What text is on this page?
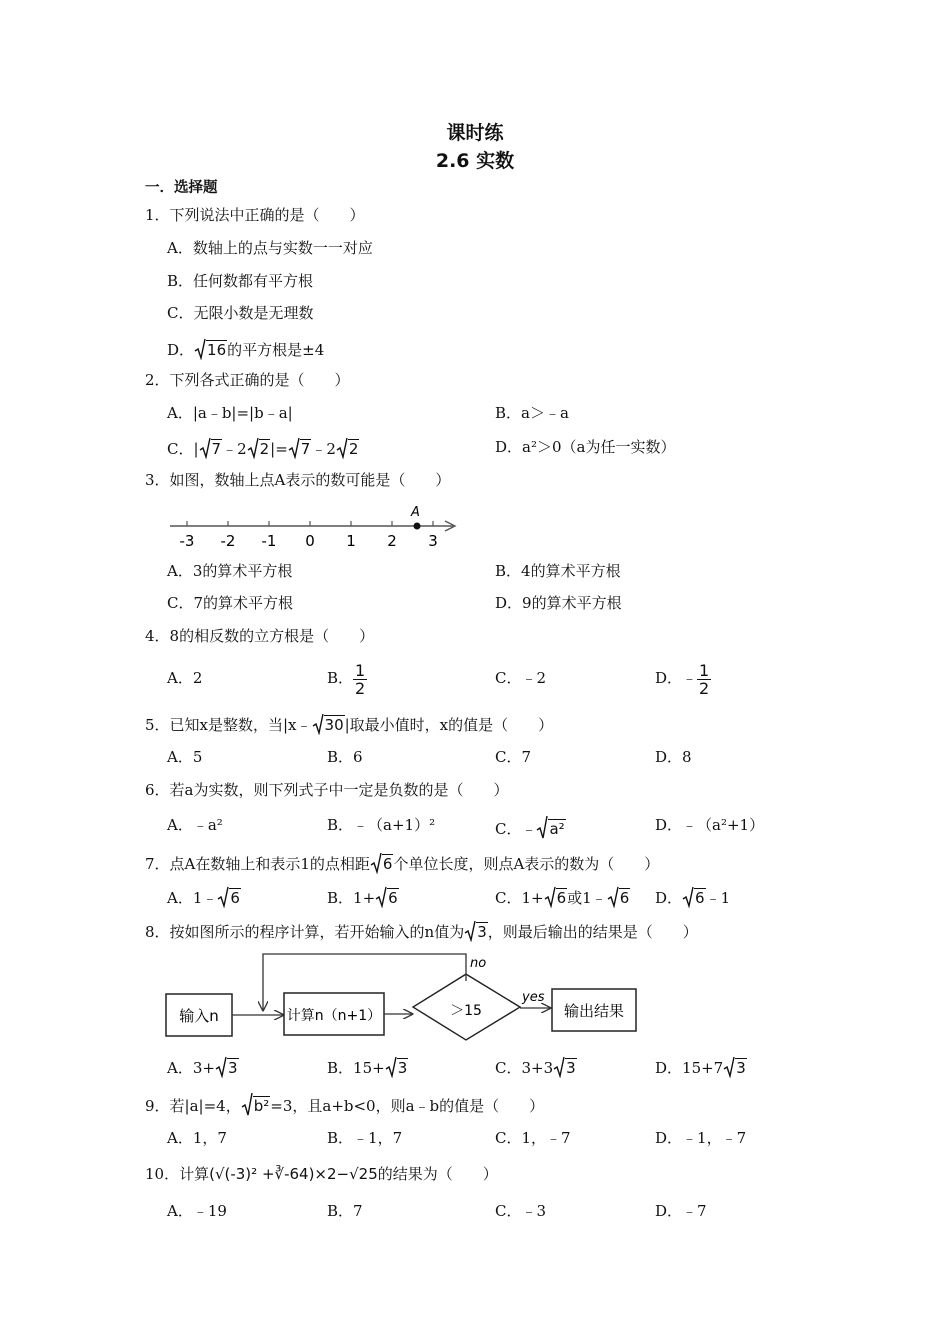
课时练
2.6 实数
一．选择题
1．下列说法中正确的是（　　）
A．数轴上的点与实数一一对应
B．任何数都有平方根
C．无限小数是无理数
D． 16的平方根是±4
2．下列各式正确的是（　　）
A．|a﹣b|=|b﹣a|	B．a＞﹣a
C．| 7﹣2 2|= 7﹣2 2	D．a²＞0（a为任一实数）
3．如图，数轴上点A表示的数可能是（　　）
-3 -2 -1 0 1 2 3
A
A．3的算术平方根	B．4的算术平方根
C．7的算术平方根	D．9的算术平方根
4．8的相反数的立方根是（　　）
A．2	B． $\frac{1}{2}$	C．﹣2	D．﹣ $\frac{1}{2}$
5．已知x是整数，当|x﹣ 30|取最小值时，x的值是（　　）
A．5	B．6	C．7	D．8
6．若a为实数，则下列式子中一定是负数的是（　　）
A．﹣a²	B．﹣（a+1）²	C．﹣ a²	D．﹣（a²+1）
7．点A在数轴上和表示1的点相距 6个单位长度，则点A表示的数为（　　）
A．1﹣ 6	B．1+ 6	C．1+ 6或1﹣ 6 D． 6﹣1
8．按如图所示的程序计算，若开始输入的n值为 3，则最后输出的结果是（　　）
输入n	计算n（n+1）	＞15
yes
输出结果
no
A．3+ 3	B．15+ 3	C．3+3 3	D．15+7 3
9．若|a|=4， b²=3，且a+b<0，则a﹣b的值是（　　）
A．1，7	B．﹣1，7	C．1，﹣7	D．﹣1，﹣7
10．计算(√(-3)² +∛-64)×2−√25的结果为（　　）
A．﹣19	B．7	C．﹣3	D．﹣7
